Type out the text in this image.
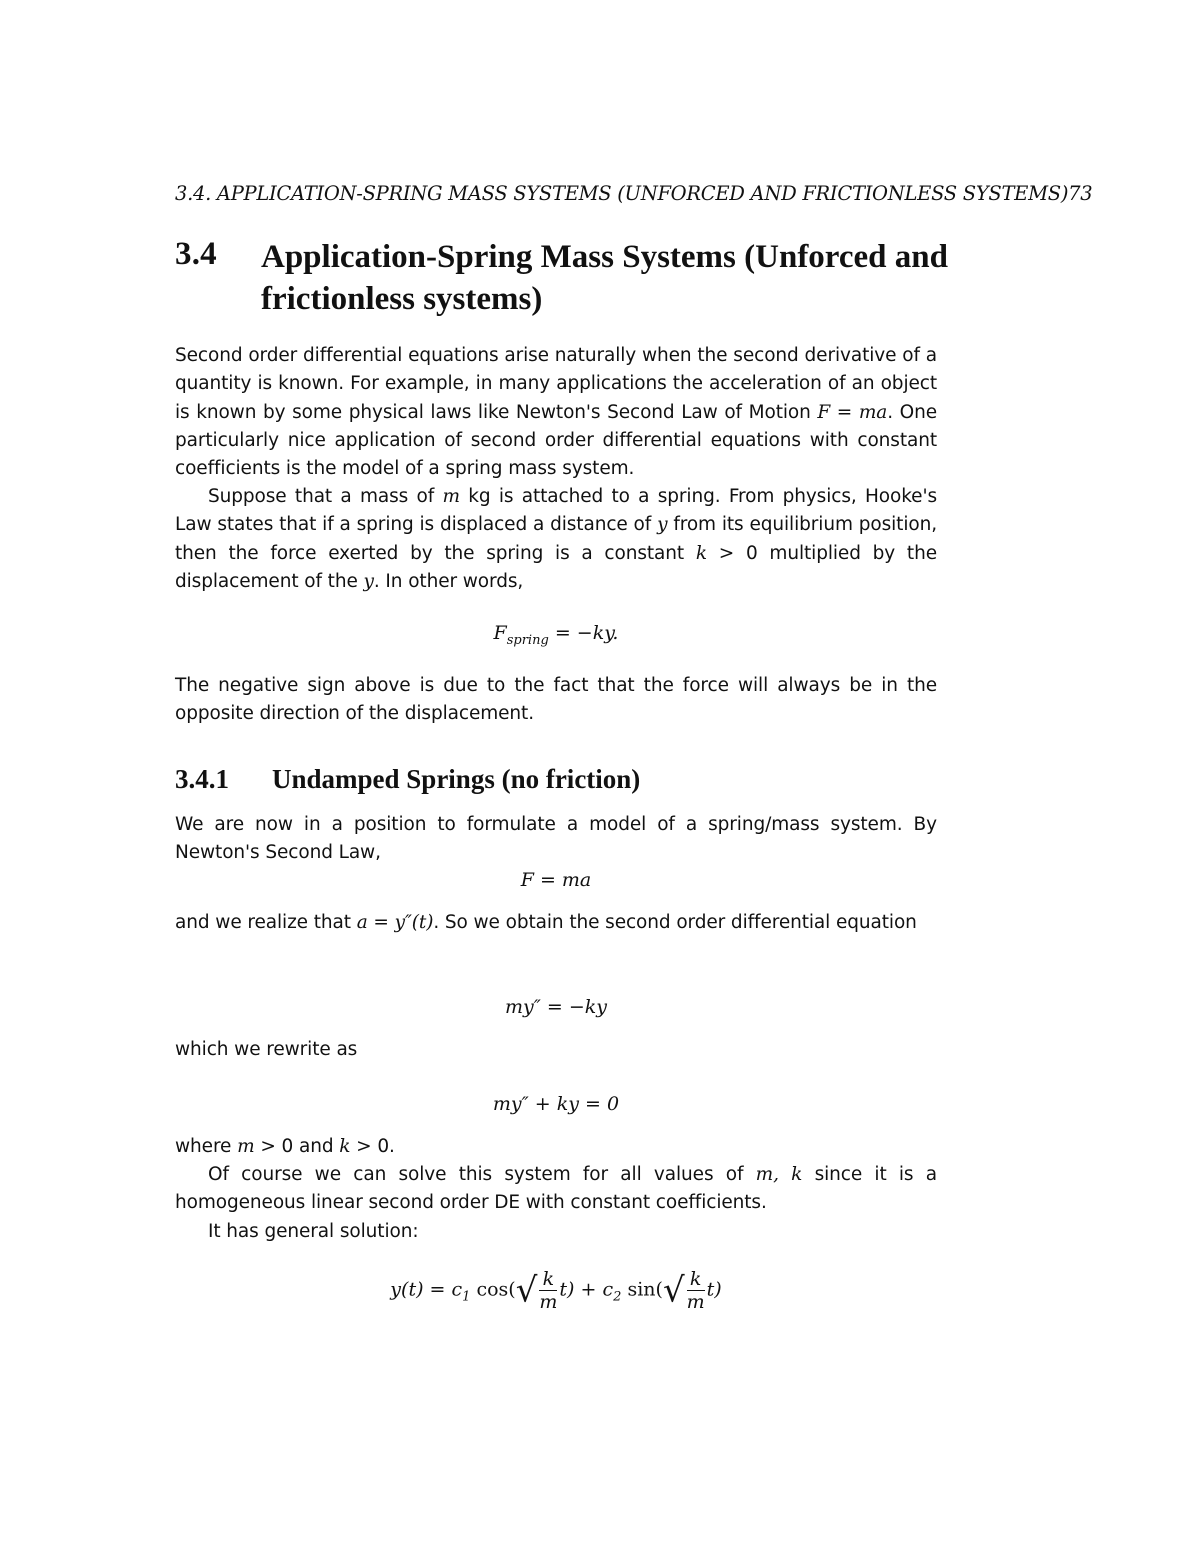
3.4. APPLICATION-SPRING MASS SYSTEMS (UNFORCED AND FRICTIONLESS SYSTEMS)73
3.4 Application-Spring Mass Systems (Unforced and frictionless systems)
Second order differential equations arise naturally when the second derivative of a quantity is known. For example, in many applications the acceleration of an object is known by some physical laws like Newton's Second Law of Motion F = ma. One particularly nice application of second order differential equations with constant coefficients is the model of a spring mass system.
Suppose that a mass of m kg is attached to a spring. From physics, Hooke's Law states that if a spring is displaced a distance of y from its equilibrium position, then the force exerted by the spring is a constant k > 0 multiplied by the displacement of the y. In other words,
$F_{spring} = -ky$.
The negative sign above is due to the fact that the force will always be in the opposite direction of the displacement.
3.4.1 Undamped Springs (no friction)
We are now in a position to formulate a model of a spring/mass system. By Newton's Second Law,
F = ma
and we realize that a = y″(t). So we obtain the second order differential equation
my″ = −ky
which we rewrite as
my″ + ky = 0
where m > 0 and k > 0.
Of course we can solve this system for all values of m, k since it is a homogeneous linear second order DE with constant coefficients.
It has general solution:
$y(t) = c_1$ $\cos(√ \frac{k}{m} t) + c_2$ $\sin(√ \frac{k}{m} t)$
